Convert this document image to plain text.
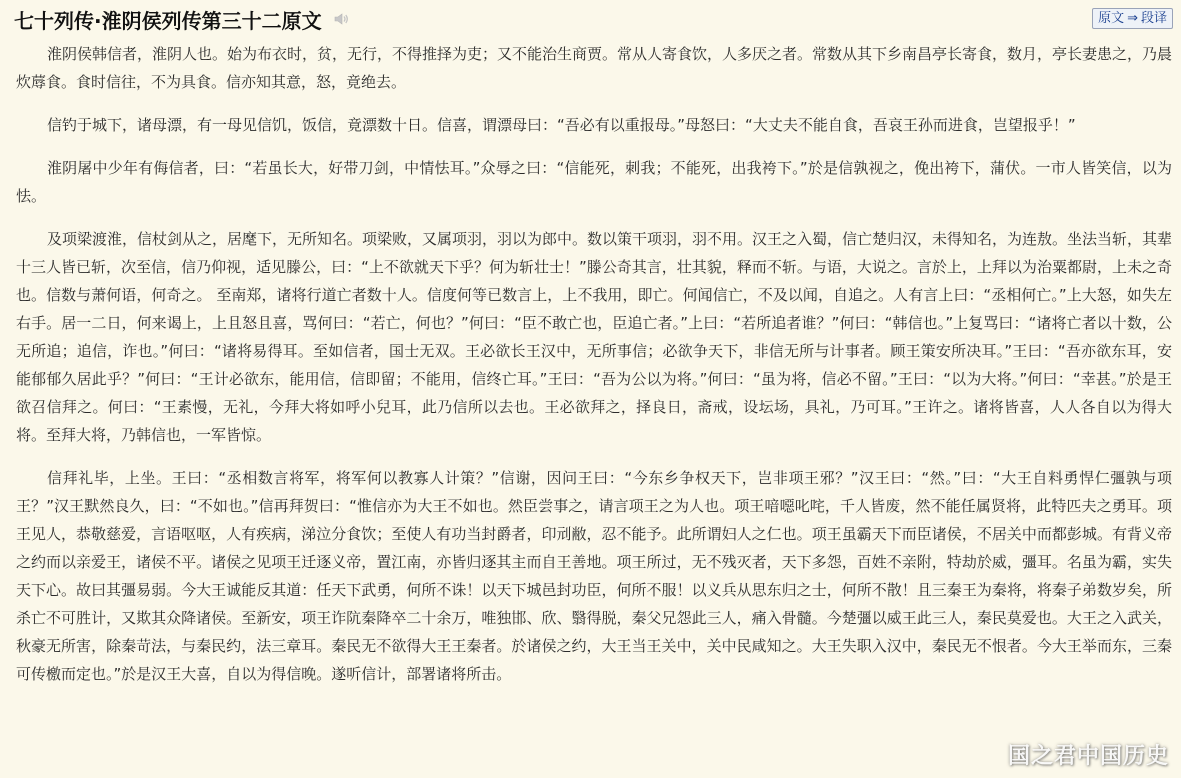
七十列传·淮阴侯列传第三十二原文	原文 ⇒ 段译

淮阴侯韩信者，淮阴人也。始为布衣时，贫，无行，不得推择为吏；又不能治生商贾。常从人寄食饮，人多厌之者。常数从其下乡南昌亭长寄食，数月，亭长妻患之，乃晨炊蓐食。食时信往，不为具食。信亦知其意，怒，竟绝去。

信钓于城下，诸母漂，有一母见信饥，饭信，竟漂数十日。信喜，谓漂母曰：“吾必有以重报母。”母怒曰：“大丈夫不能自食，吾哀王孙而进食，岂望报乎！”

淮阴屠中少年有侮信者，曰：“若虽长大，好带刀剑，中情怯耳。”众辱之曰：“信能死，刺我；不能死，出我袴下。”於是信孰视之，俛出袴下，蒲伏。一市人皆笑信，以为怯。

及项梁渡淮，信杖剑从之，居麾下，无所知名。项梁败，又属项羽，羽以为郎中。数以策干项羽，羽不用。汉王之入蜀，信亡楚归汉，未得知名，为连敖。坐法当斩，其辈十三人皆已斩，次至信，信乃仰视，适见滕公，曰：“上不欲就天下乎？何为斩壮士！”滕公奇其言，壮其貌，释而不斩。与语，大说之。言於上，上拜以为治粟都尉，上未之奇也。信数与萧何语，何奇之。 至南郑，诸将行道亡者数十人。信度何等已数言上，上不我用，即亡。何闻信亡，不及以闻，自追之。人有言上曰：“丞相何亡。”上大怒，如失左右手。居一二日，何来谒上，上且怒且喜，骂何曰：“若亡，何也？”何曰：“臣不敢亡也，臣追亡者。”上曰：“若所追者谁？”何曰：“韩信也。”上复骂曰：“诸将亡者以十数，公无所追；追信，诈也。”何曰：“诸将易得耳。至如信者，国士无双。王必欲长王汉中，无所事信；必欲争天下，非信无所与计事者。顾王策安所决耳。”王曰：“吾亦欲东耳，安能郁郁久居此乎？”何曰：“王计必欲东，能用信，信即留；不能用，信终亡耳。”王曰：“吾为公以为将。”何曰：“虽为将，信必不留。”王曰：“以为大将。”何曰：“幸甚。”於是王欲召信拜之。何曰：“王素慢，无礼，今拜大将如呼小兒耳，此乃信所以去也。王必欲拜之，择良日，斋戒，设坛场，具礼，乃可耳。”王许之。诸将皆喜，人人各自以为得大将。至拜大将，乃韩信也，一军皆惊。

信拜礼毕，上坐。王曰：“丞相数言将军，将军何以教寡人计策？”信谢，因问王曰：“今东乡争权天下，岂非项王邪？”汉王曰：“然。”曰：“大王自料勇悍仁彊孰与项王？”汉王默然良久，曰：“不如也。”信再拜贺曰：“惟信亦为大王不如也。然臣尝事之，请言项王之为人也。项王喑噁叱咤，千人皆废，然不能任属贤将，此特匹夫之勇耳。项王见人，恭敬慈爱，言语呕呕，人有疾病，涕泣分食饮；至使人有功当封爵者，印刓敝，忍不能予。此所谓妇人之仁也。项王虽霸天下而臣诸侯，不居关中而都彭城。有背义帝之约而以亲爱王，诸侯不平。诸侯之见项王迁逐义帝，置江南，亦皆归逐其主而自王善地。项王所过，无不残灭者，天下多怨，百姓不亲附，特劫於威，彊耳。名虽为霸，实失天下心。故曰其彊易弱。今大王诚能反其道：任天下武勇，何所不诛！以天下城邑封功臣，何所不服！以义兵从思东归之士，何所不散！且三秦王为秦将，将秦子弟数岁矣，所杀亡不可胜计，又欺其众降诸侯。至新安，项王诈阬秦降卒二十余万，唯独邯、欣、翳得脱，秦父兄怨此三人，痛入骨髓。今楚彊以威王此三人，秦民莫爱也。大王之入武关，秋豪无所害，除秦苛法，与秦民约，法三章耳。秦民无不欲得大王王秦者。於诸侯之约，大王当王关中，关中民咸知之。大王失职入汉中，秦民无不恨者。今大王举而东，三秦可传檄而定也。”於是汉王大喜，自以为得信晚。遂听信计，部署诸将所击。

国之君中国历史
